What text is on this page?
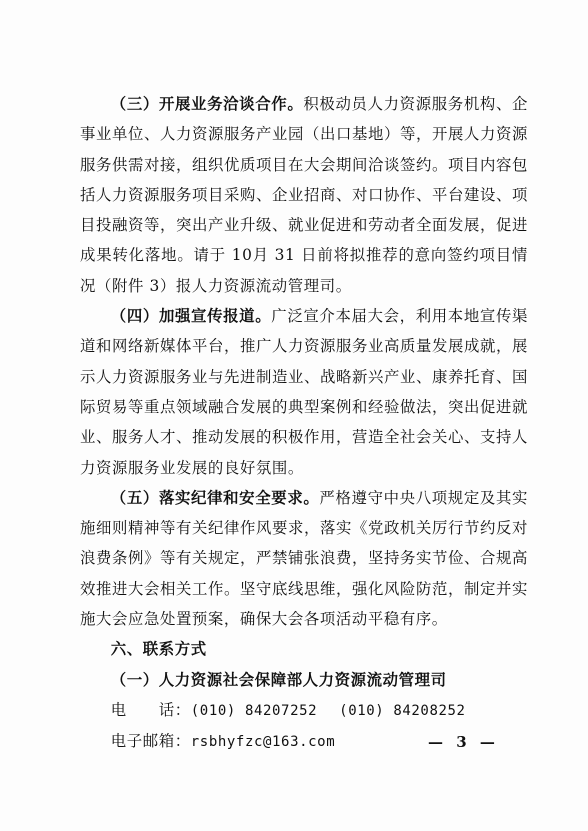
（三）开展业务洽谈合作。积极动员人力资源服务机构、企事业单位、人力资源服务产业园（出口基地）等，开展人力资源服务供需对接，组织优质项目在大会期间洽谈签约。项目内容包括人力资源服务项目采购、企业招商、对口协作、平台建设、项目投融资等，突出产业升级、就业促进和劳动者全面发展，促进成果转化落地。请于 10月 31 日前将拟推荐的意向签约项目情况（附件 3）报人力资源流动管理司。

（四）加强宣传报道。广泛宣介本届大会，利用本地宣传渠道和网络新媒体平台，推广人力资源服务业高质量发展成就，展示人力资源服务业与先进制造业、战略新兴产业、康养托育、国际贸易等重点领域融合发展的典型案例和经验做法，突出促进就业、服务人才、推动发展的积极作用，营造全社会关心、支持人力资源服务业发展的良好氛围。

（五）落实纪律和安全要求。严格遵守中央八项规定及其实施细则精神等有关纪律作风要求，落实《党政机关厉行节约反对浪费条例》等有关规定，严禁铺张浪费，坚持务实节俭、合规高效推进大会相关工作。坚守底线思维，强化风险防范，制定并实施大会应急处置预案，确保大会各项活动平稳有序。

六、联系方式

（一）人力资源社会保障部人力资源流动管理司

电　　话：(010) 84207252 (010) 84208252

电子邮箱：rsbhyfzc@163.com	— 3 —
